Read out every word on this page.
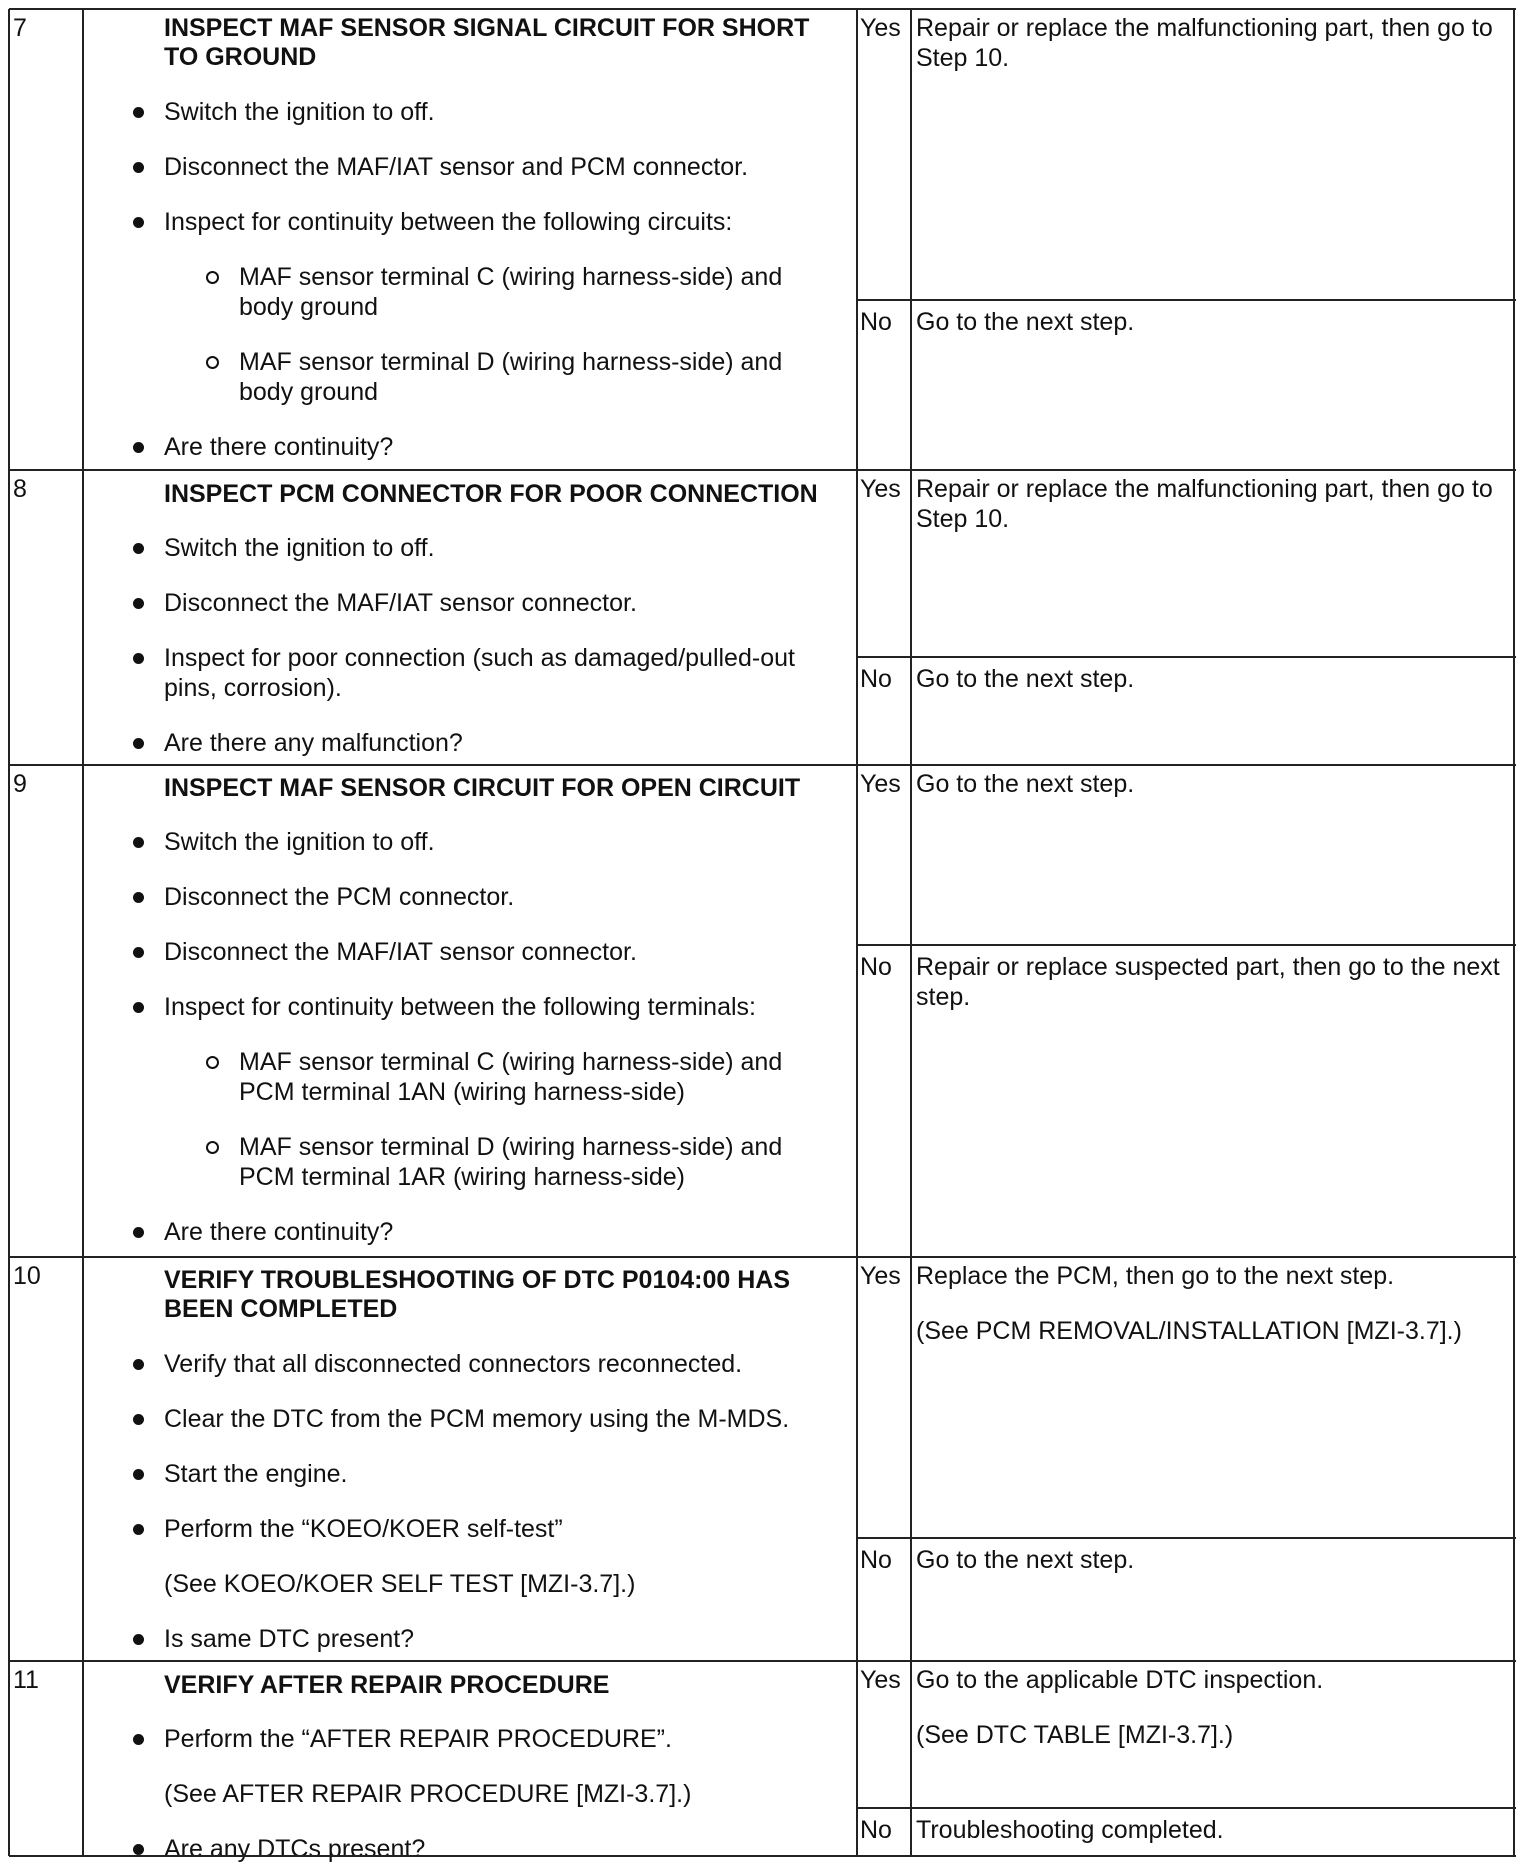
7	INSPECT MAF SENSOR SIGNAL CIRCUIT FOR SHORT
TO GROUND
Switch the ignition to off.
Disconnect the MAF/IAT sensor and PCM connector.
Inspect for continuity between the following circuits:
MAF sensor terminal C (wiring harness-side) and
body ground
MAF sensor terminal D (wiring harness-side) and
body ground
Are there continuity?
Yes Repair or replace the malfunctioning part, then go to
Step 10.
No Go to the next step.
8	INSPECT PCM CONNECTOR FOR POOR CONNECTION
Switch the ignition to off.
Disconnect the MAF/IAT sensor connector.
Inspect for poor connection (such as damaged/pulled-out
pins, corrosion).
Are there any malfunction?
Yes Repair or replace the malfunctioning part, then go to
Step 10.
No Go to the next step.
9	INSPECT MAF SENSOR CIRCUIT FOR OPEN CIRCUIT
Switch the ignition to off.
Disconnect the PCM connector.
Disconnect the MAF/IAT sensor connector.
Inspect for continuity between the following terminals:
MAF sensor terminal C (wiring harness-side) and
PCM terminal 1AN (wiring harness-side)
MAF sensor terminal D (wiring harness-side) and
PCM terminal 1AR (wiring harness-side)
Are there continuity?
Yes Go to the next step.
No Repair or replace suspected part, then go to the next
step.
10	VERIFY TROUBLESHOOTING OF DTC P0104:00 HAS
BEEN COMPLETED
Verify that all disconnected connectors reconnected.
Clear the DTC from the PCM memory using the M-MDS.
Start the engine.
Perform the “KOEO/KOER self-test”
(See KOEO/KOER SELF TEST [MZI-3.7].)
Is same DTC present?
Yes Replace the PCM, then go to the next step.
(See PCM REMOVAL/INSTALLATION [MZI-3.7].)
No Go to the next step.
11	VERIFY AFTER REPAIR PROCEDURE
Perform the “AFTER REPAIR PROCEDURE”.
(See AFTER REPAIR PROCEDURE [MZI-3.7].)
Are any DTCs present?
Yes Go to the applicable DTC inspection.
(See DTC TABLE [MZI-3.7].)
No Troubleshooting completed.
